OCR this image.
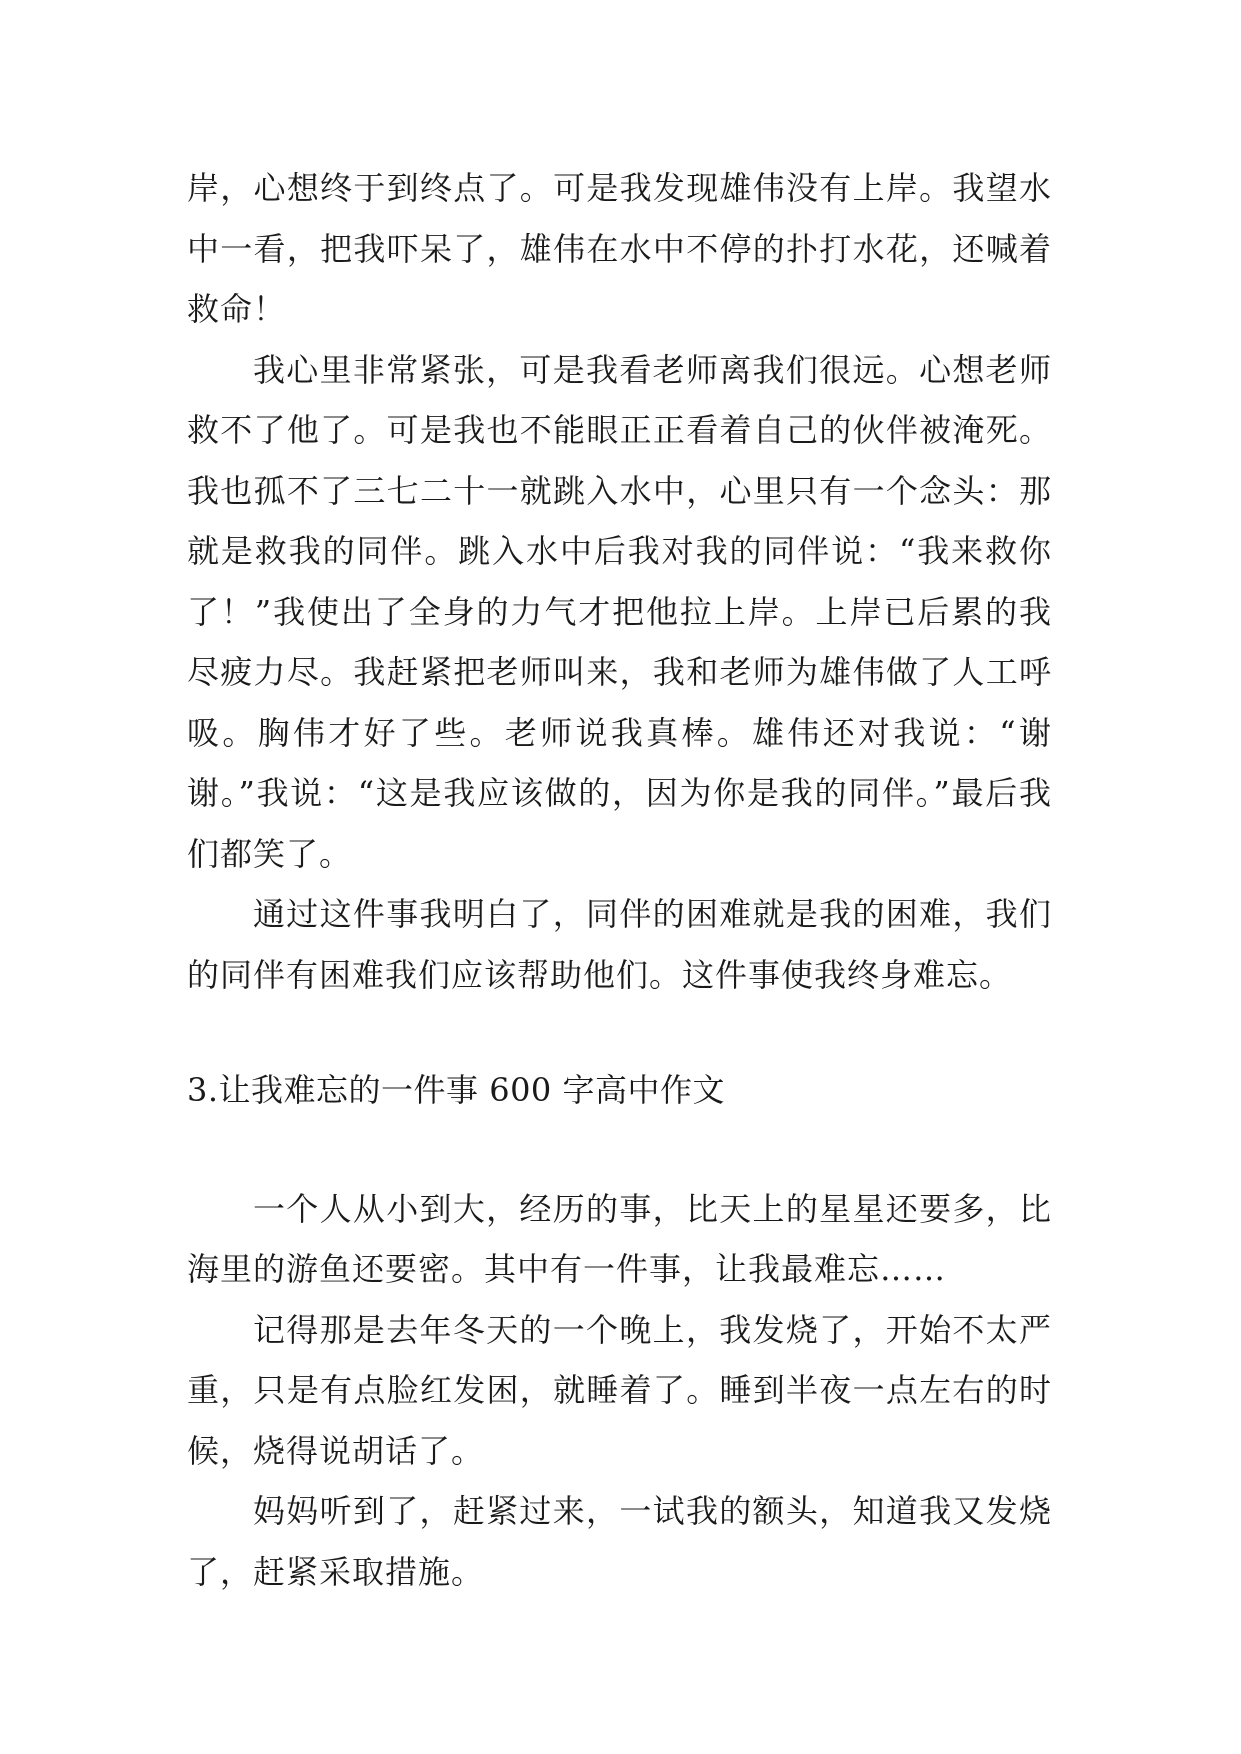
岸，心想终于到终点了。可是我发现雄伟没有上岸。我望水中一看，把我吓呆了，雄伟在水中不停的扑打水花，还喊着救命！

我心里非常紧张，可是我看老师离我们很远。心想老师救不了他了。可是我也不能眼正正看着自己的伙伴被淹死。我也孤不了三七二十一就跳入水中，心里只有一个念头：那就是救我的同伴。跳入水中后我对我的同伴说：“我来救你了！”我使出了全身的力气才把他拉上岸。上岸已后累的我尽疲力尽。我赶紧把老师叫来，我和老师为雄伟做了人工呼吸。胸伟才好了些。老师说我真棒。雄伟还对我说：“谢谢。”我说：“这是我应该做的，因为你是我的同伴。”最后我们都笑了。

通过这件事我明白了，同伴的困难就是我的困难，我们的同伴有困难我们应该帮助他们。这件事使我终身难忘。

3.让我难忘的一件事 600 字高中作文

一个人从小到大，经历的事，比天上的星星还要多，比海里的游鱼还要密。其中有一件事，让我最难忘……

记得那是去年冬天的一个晚上，我发烧了，开始不太严重，只是有点脸红发困，就睡着了。睡到半夜一点左右的时候，烧得说胡话了。

妈妈听到了，赶紧过来，一试我的额头，知道我又发烧了，赶紧采取措施。
